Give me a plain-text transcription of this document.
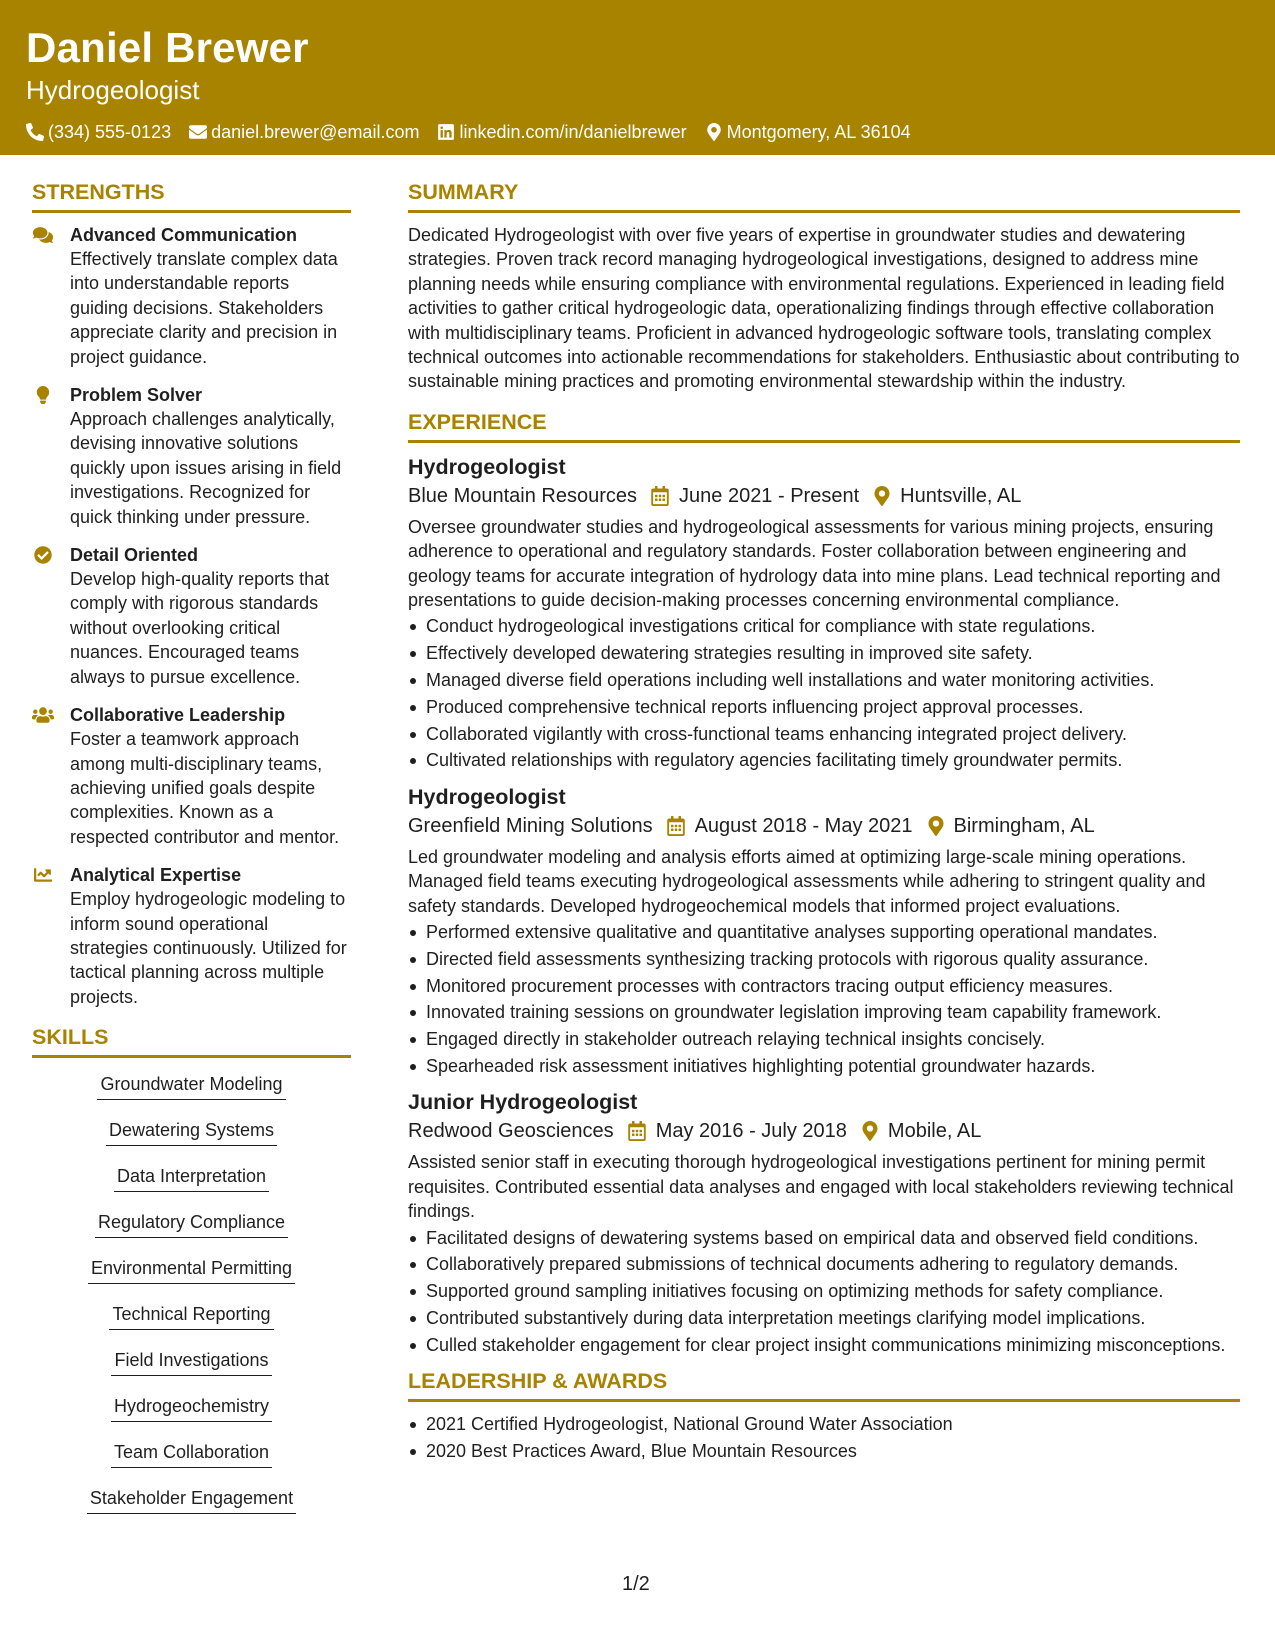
Daniel Brewer
Hydrogeologist
(334) 555-0123 daniel.brewer@email.com linkedin.com/in/danielbrewer Montgomery, AL 36104
STRENGTHS
Advanced Communication
Effectively translate complex data into understandable reports guiding decisions. Stakeholders appreciate clarity and precision in project guidance.
Problem Solver
Approach challenges analytically, devising innovative solutions quickly upon issues arising in field investigations. Recognized for quick thinking under pressure.
Detail Oriented
Develop high-quality reports that comply with rigorous standards without overlooking critical nuances. Encouraged teams always to pursue excellence.
Collaborative Leadership
Foster a teamwork approach among multi-disciplinary teams, achieving unified goals despite complexities. Known as a respected contributor and mentor.
Analytical Expertise
Employ hydrogeologic modeling to inform sound operational strategies continuously. Utilized for tactical planning across multiple projects.
SKILLS
Groundwater Modeling
Dewatering Systems
Data Interpretation
Regulatory Compliance
Environmental Permitting
Technical Reporting
Field Investigations
Hydrogeochemistry
Team Collaboration
Stakeholder Engagement
SUMMARY
Dedicated Hydrogeologist with over five years of expertise in groundwater studies and dewatering strategies. Proven track record managing hydrogeological investigations, designed to address mine planning needs while ensuring compliance with environmental regulations. Experienced in leading field activities to gather critical hydrogeologic data, operationalizing findings through effective collaboration with multidisciplinary teams. Proficient in advanced hydrogeologic software tools, translating complex technical outcomes into actionable recommendations for stakeholders. Enthusiastic about contributing to sustainable mining practices and promoting environmental stewardship within the industry.
EXPERIENCE
Hydrogeologist
Blue Mountain Resources June 2021 - Present Huntsville, AL
Oversee groundwater studies and hydrogeological assessments for various mining projects, ensuring adherence to operational and regulatory standards. Foster collaboration between engineering and geology teams for accurate integration of hydrology data into mine plans. Lead technical reporting and presentations to guide decision-making processes concerning environmental compliance.
Conduct hydrogeological investigations critical for compliance with state regulations.
Effectively developed dewatering strategies resulting in improved site safety.
Managed diverse field operations including well installations and water monitoring activities.
Produced comprehensive technical reports influencing project approval processes.
Collaborated vigilantly with cross-functional teams enhancing integrated project delivery.
Cultivated relationships with regulatory agencies facilitating timely groundwater permits.
Hydrogeologist
Greenfield Mining Solutions August 2018 - May 2021 Birmingham, AL
Led groundwater modeling and analysis efforts aimed at optimizing large-scale mining operations. Managed field teams executing hydrogeological assessments while adhering to stringent quality and safety standards. Developed hydrogeochemical models that informed project evaluations.
Performed extensive qualitative and quantitative analyses supporting operational mandates.
Directed field assessments synthesizing tracking protocols with rigorous quality assurance.
Monitored procurement processes with contractors tracing output efficiency measures.
Innovated training sessions on groundwater legislation improving team capability framework.
Engaged directly in stakeholder outreach relaying technical insights concisely.
Spearheaded risk assessment initiatives highlighting potential groundwater hazards.
Junior Hydrogeologist
Redwood Geosciences May 2016 - July 2018 Mobile, AL
Assisted senior staff in executing thorough hydrogeological investigations pertinent for mining permit requisites. Contributed essential data analyses and engaged with local stakeholders reviewing technical findings.
Facilitated designs of dewatering systems based on empirical data and observed field conditions.
Collaboratively prepared submissions of technical documents adhering to regulatory demands.
Supported ground sampling initiatives focusing on optimizing methods for safety compliance.
Contributed substantively during data interpretation meetings clarifying model implications.
Culled stakeholder engagement for clear project insight communications minimizing misconceptions.
LEADERSHIP & AWARDS
2021 Certified Hydrogeologist, National Ground Water Association
2020 Best Practices Award, Blue Mountain Resources
1/2
